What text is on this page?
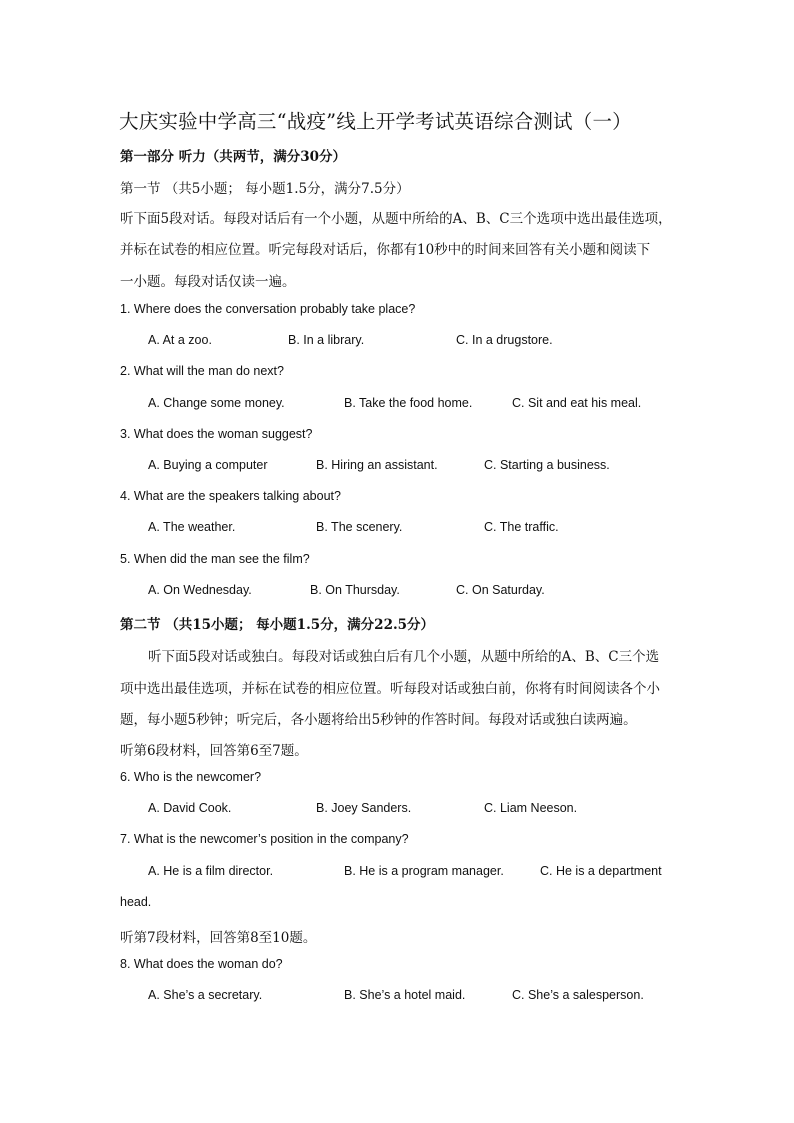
大庆实验中学高三“战疫”线上开学考试英语综合测试（一）
第一部分 听力（共两节，满分30分）
第一节 （共5小题； 每小题1.5分，满分7.5分）
听下面5段对话。每段对话后有一个小题，从题中所给的A、B、C三个选项中选出最佳选项，
并标在试卷的相应位置。听完每段对话后，你都有10秒中的时间来回答有关小题和阅读下
一小题。每段对话仅读一遍。
1. Where does the conversation probably take place?
A. At a zoo.	B. In a library.	C. In a drugstore.
2. What will the man do next?
A. Change some money.	B. Take the food home.	C. Sit and eat his meal.
3. What does the woman suggest?
A. Buying a computer	B. Hiring an assistant.	C. Starting a business.
4. What are the speakers talking about?
A. The weather.	B. The scenery.	C. The traffic.
5. When did the man see the film?
A. On Wednesday.	B. On Thursday.	C. On Saturday.
第二节 （共15小题； 每小题1.5分，满分22.5分）
听下面5段对话或独白。每段对话或独白后有几个小题，从题中所给的A、B、C三个选
项中选出最佳选项，并标在试卷的相应位置。听每段对话或独白前，你将有时间阅读各个小
题，每小题5秒钟；听完后，各小题将给出5秒钟的作答时间。每段对话或独白读两遍。
听第6段材料，回答第6至7题。
6. Who is the newcomer?
A. David Cook.	B. Joey Sanders.	C. Liam Neeson.
7. What is the newcomer’s position in the company?
A. He is a film director.	B. He is a program manager.	C. He is a department
head.
听第7段材料，回答第8至10题。
8. What does the woman do?
A. She’s a secretary.	B. She’s a hotel maid.	C. She’s a salesperson.
